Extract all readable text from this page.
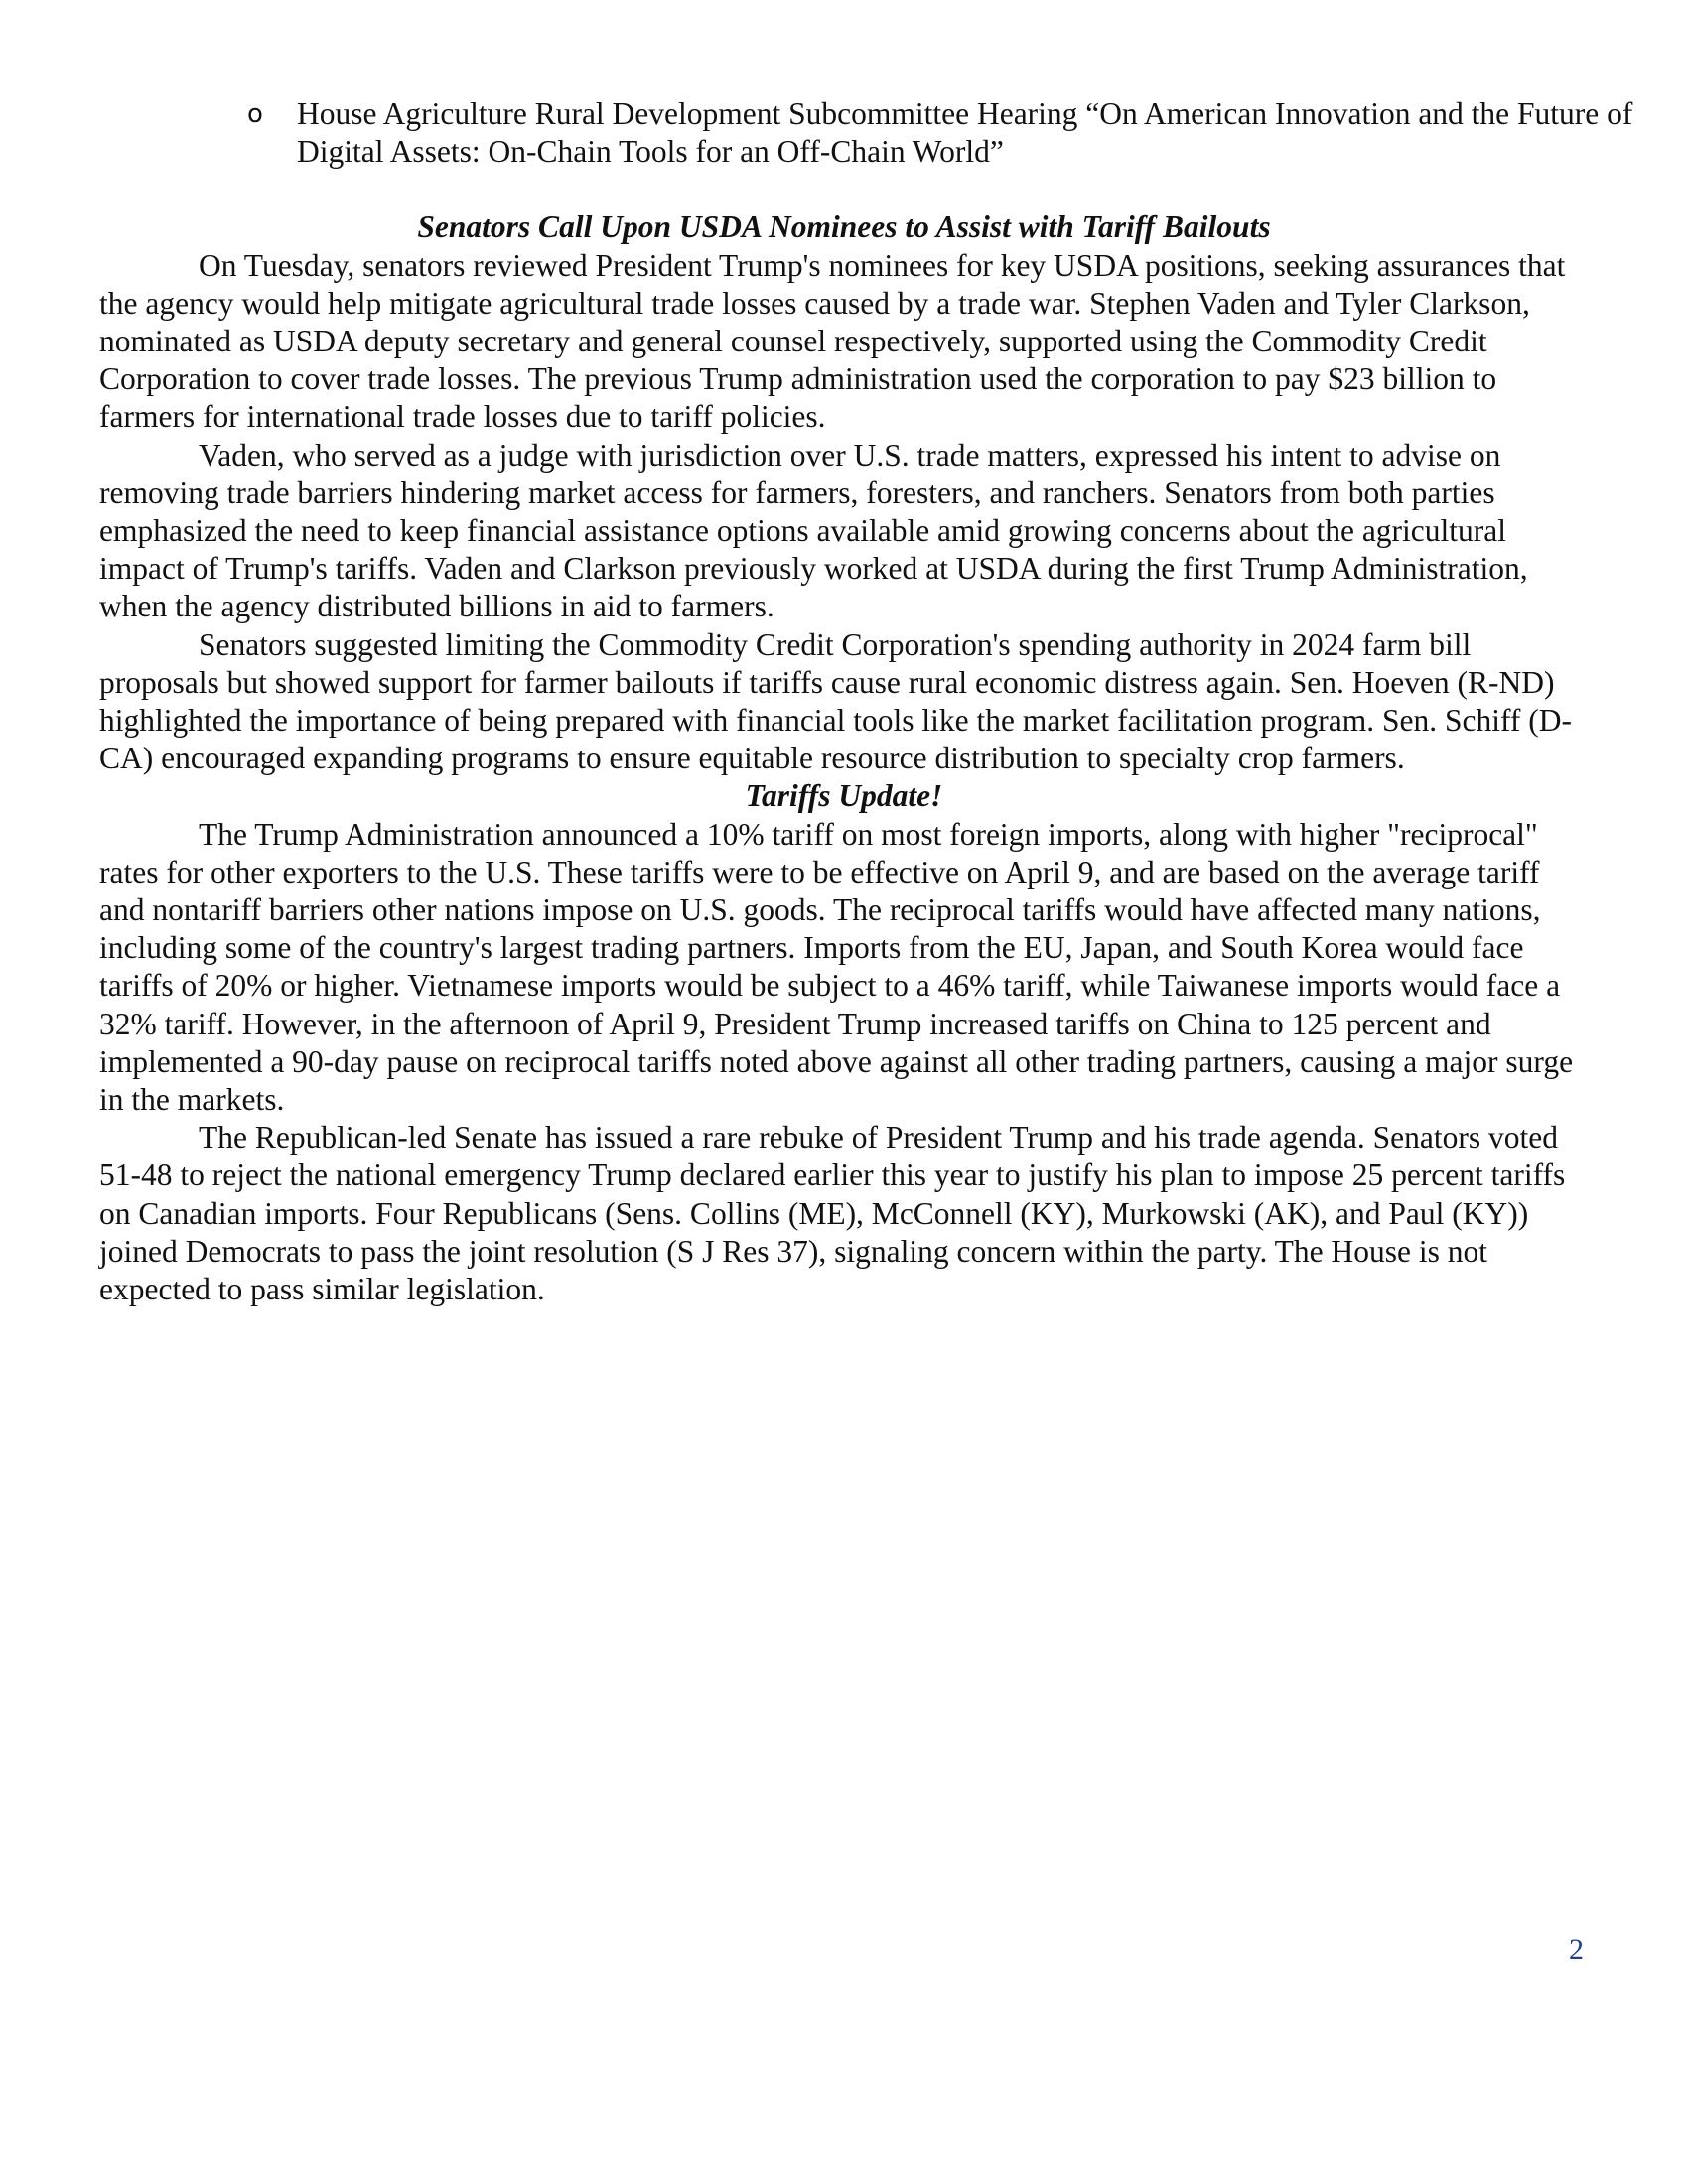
o House Agriculture Rural Development Subcommittee Hearing “On American Innovation and the Future of Digital Assets: On-Chain Tools for an Off-Chain World”
Senators Call Upon USDA Nominees to Assist with Tariff Bailouts

On Tuesday, senators reviewed President Trump's nominees for key USDA positions, seeking assurances that the agency would help mitigate agricultural trade losses caused by a trade war. Stephen Vaden and Tyler Clarkson, nominated as USDA deputy secretary and general counsel respectively, supported using the Commodity Credit Corporation to cover trade losses. The previous Trump administration used the corporation to pay $23 billion to farmers for international trade losses due to tariff policies.

Vaden, who served as a judge with jurisdiction over U.S. trade matters, expressed his intent to advise on removing trade barriers hindering market access for farmers, foresters, and ranchers. Senators from both parties emphasized the need to keep financial assistance options available amid growing concerns about the agricultural impact of Trump's tariffs. Vaden and Clarkson previously worked at USDA during the first Trump Administration, when the agency distributed billions in aid to farmers.

Senators suggested limiting the Commodity Credit Corporation's spending authority in 2024 farm bill proposals but showed support for farmer bailouts if tariffs cause rural economic distress again. Sen. Hoeven (R-ND) highlighted the importance of being prepared with financial tools like the market facilitation program. Sen. Schiff (D-CA) encouraged expanding programs to ensure equitable resource distribution to specialty crop farmers.

Tariffs Update!

The Trump Administration announced a 10% tariff on most foreign imports, along with higher "reciprocal" rates for other exporters to the U.S. These tariffs were to be effective on April 9, and are based on the average tariff and nontariff barriers other nations impose on U.S. goods. The reciprocal tariffs would have affected many nations, including some of the country's largest trading partners. Imports from the EU, Japan, and South Korea would face tariffs of 20% or higher. Vietnamese imports would be subject to a 46% tariff, while Taiwanese imports would face a 32% tariff. However, in the afternoon of April 9, President Trump increased tariffs on China to 125 percent and implemented a 90-day pause on reciprocal tariffs noted above against all other trading partners, causing a major surge in the markets.

The Republican-led Senate has issued a rare rebuke of President Trump and his trade agenda. Senators voted 51-48 to reject the national emergency Trump declared earlier this year to justify his plan to impose 25 percent tariffs on Canadian imports. Four Republicans (Sens. Collins (ME), McConnell (KY), Murkowski (AK), and Paul (KY)) joined Democrats to pass the joint resolution (S J Res 37), signaling concern within the party. The House is not expected to pass similar legislation.

2
